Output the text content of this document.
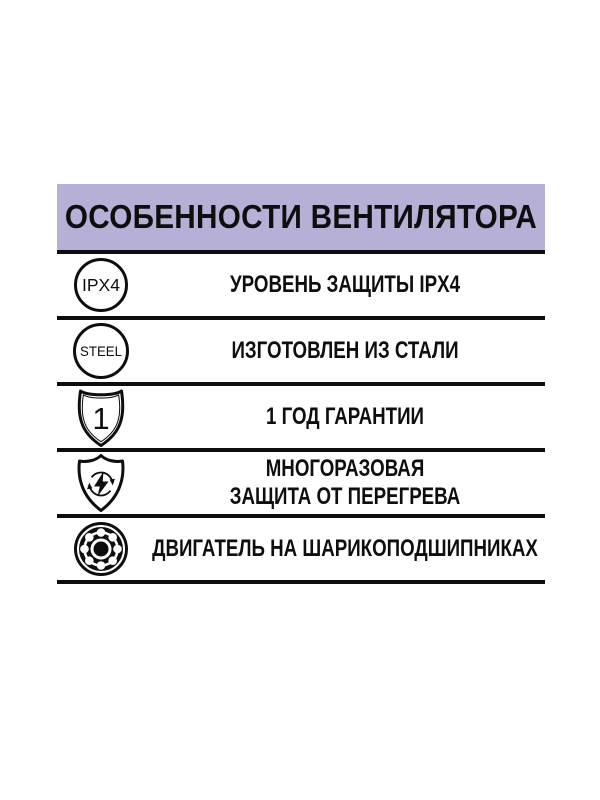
ОСОБЕННОСТИ ВЕНТИЛЯТОРА
IPX4	УРОВЕНЬ ЗАЩИТЫ IPX4
STEEL	ИЗГОТОВЛЕН ИЗ СТАЛИ
1	1 ГОД ГАРАНТИИ
МНОГОРАЗОВАЯ
ЗАЩИТА ОТ ПЕРЕГРЕВА
ДВИГАТЕЛЬ НА ШАРИКОПОДШИПНИКАХ
